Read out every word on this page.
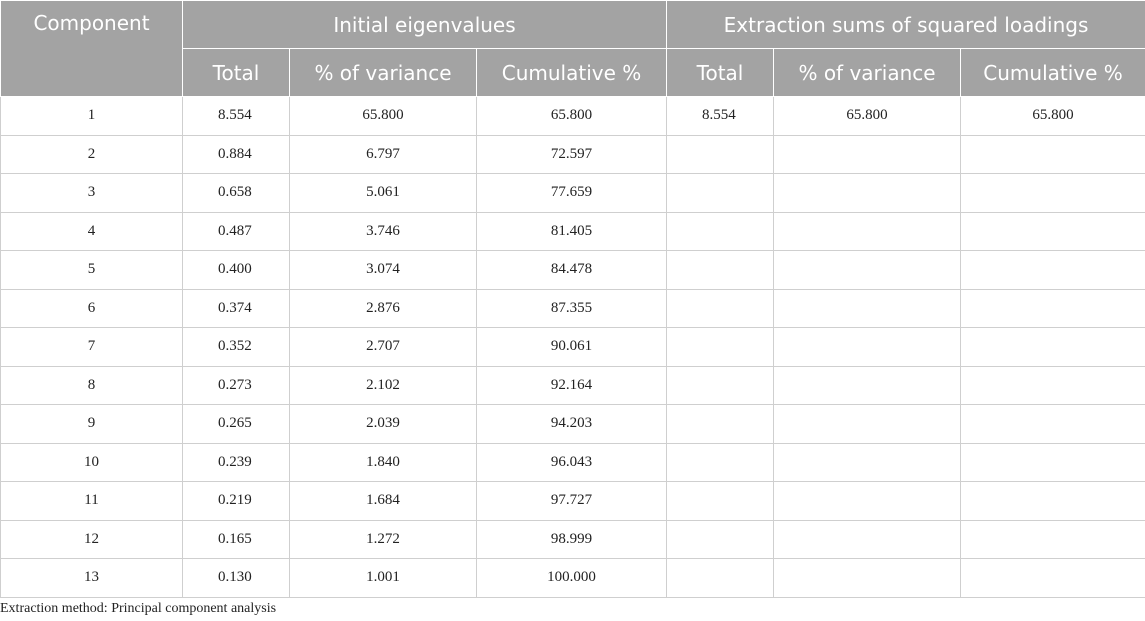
Component	Initial eigenvalues			Extraction sums of squared loadings		
	Total	% of variance	Cumulative %	Total	% of variance	Cumulative %
1	8.554	65.800	65.800	8.554	65.800	65.800
2	0.884	6.797	72.597			
3	0.658	5.061	77.659			
4	0.487	3.746	81.405			
5	0.400	3.074	84.478			
6	0.374	2.876	87.355			
7	0.352	2.707	90.061			
8	0.273	2.102	92.164			
9	0.265	2.039	94.203			
10	0.239	1.840	96.043			
11	0.219	1.684	97.727			
12	0.165	1.272	98.999			
13	0.130	1.001	100.000			
Extraction method: Principal component analysis
